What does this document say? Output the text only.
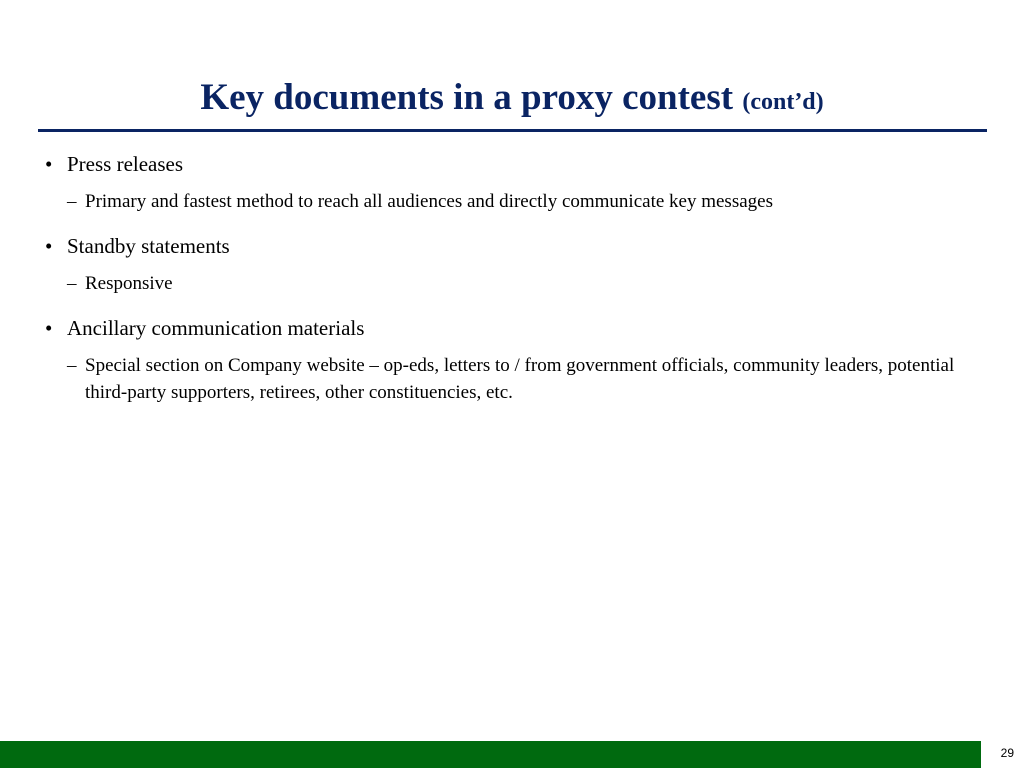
Key documents in a proxy contest (cont’d)
• Press releases
– Primary and fastest method to reach all audiences and directly communicate key messages
• Standby statements
– Responsive
• Ancillary communication materials
– Special section on Company website – op-eds, letters to / from government officials, community leaders, potential third-party supporters, retirees, other constituencies, etc.
29
